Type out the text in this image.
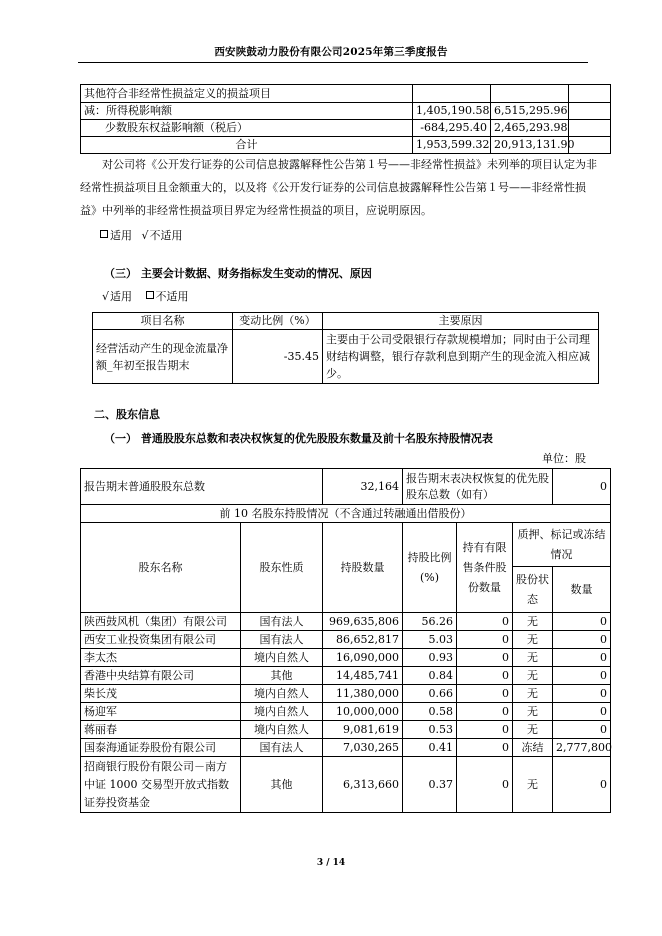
西安陕鼓动力股份有限公司2025年第三季度报告
其他符合非经常性损益定义的损益项目			
减：所得税影响额	1,405,190.58	6,515,295.96	
少数股东权益影响额（税后）	-684,295.40	2,465,293.98	
合计	1,953,599.32	20,913,131.90	
对公司将《公开发行证券的公司信息披露解释性公告第１号——非经常性损益》未列举的项目认定为非经常性损益项目且金额重大的，以及将《公开发行证券的公司信息披露解释性公告第１号——非经常性损益》中列举的非经常性损益项目界定为经常性损益的项目，应说明原因。
适用 √不适用
（三） 主要会计数据、财务指标发生变动的情况、原因
√适用 不适用
项目名称	变动比例（%）	主要原因
经营活动产生的现金流量净额_年初至报告期末	-35.45	主要由于公司受限银行存款规模增加；同时由于公司理财结构调整，银行存款利息到期产生的现金流入相应减少。
二、股东信息
（一） 普通股股东总数和表决权恢复的优先股股东数量及前十名股东持股情况表
单位：股
报告期末普通股股东总数		32,164	报告期末表决权恢复的优先股股东总数（如有）			0
前 10 名股东持股情况（不含通过转融通出借股份）						
股东名称	股东性质	持股数量	持股比例(%)	持有有限售条件股份数量	质押、标记或冻结情况	
					股份状态	数量
陕西鼓风机（集团）有限公司	国有法人	969,635,806	56.26	0	无	0
西安工业投资集团有限公司	国有法人	86,652,817	5.03	0	无	0
李太杰	境内自然人	16,090,000	0.93	0	无	0
香港中央结算有限公司	其他	14,485,741	0.84	0	无	0
柴长茂	境内自然人	11,380,000	0.66	0	无	0
杨迎军	境内自然人	10,000,000	0.58	0	无	0
蒋丽春	境内自然人	9,081,619	0.53	0	无	0
国泰海通证券股份有限公司	国有法人	7,030,265	0.41	0	冻结	2,777,800
招商银行股份有限公司－南方中证 1000 交易型开放式指数证券投资基金	其他	6,313,660	0.37	0	无	0
3 / 14
